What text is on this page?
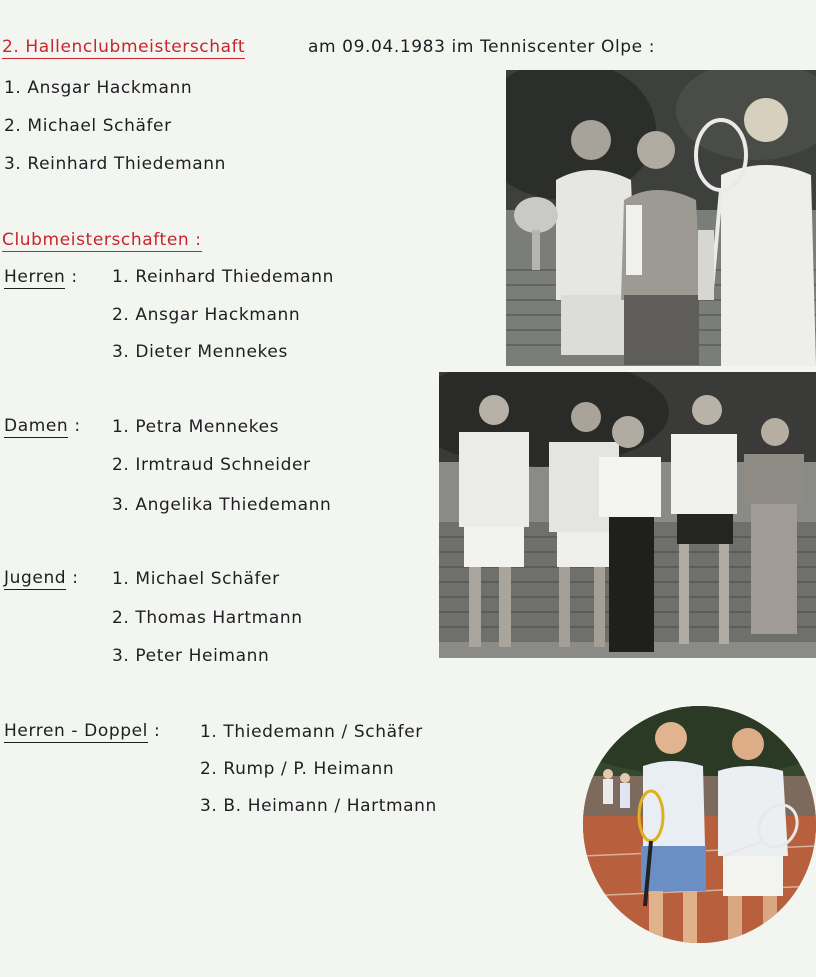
2. Hallenclubmeisterschaft	am 09.04.1983 im Tenniscenter Olpe :
1. Ansgar Hackmann
2. Michael Schäfer
3. Reinhard Thiedemann
Clubmeisterschaften :
Herren : 1. Reinhard Thiedemann
2. Ansgar Hackmann
3. Dieter Mennekes
Damen : 1. Petra Mennekes
2. Irmtraud Schneider
3. Angelika Thiedemann
Jugend : 1. Michael Schäfer
2. Thomas Hartmann
3. Peter Heimann
Herren - Doppel : 1. Thiedemann / Schäfer
2. Rump / P. Heimann
3. B. Heimann / Hartmann
